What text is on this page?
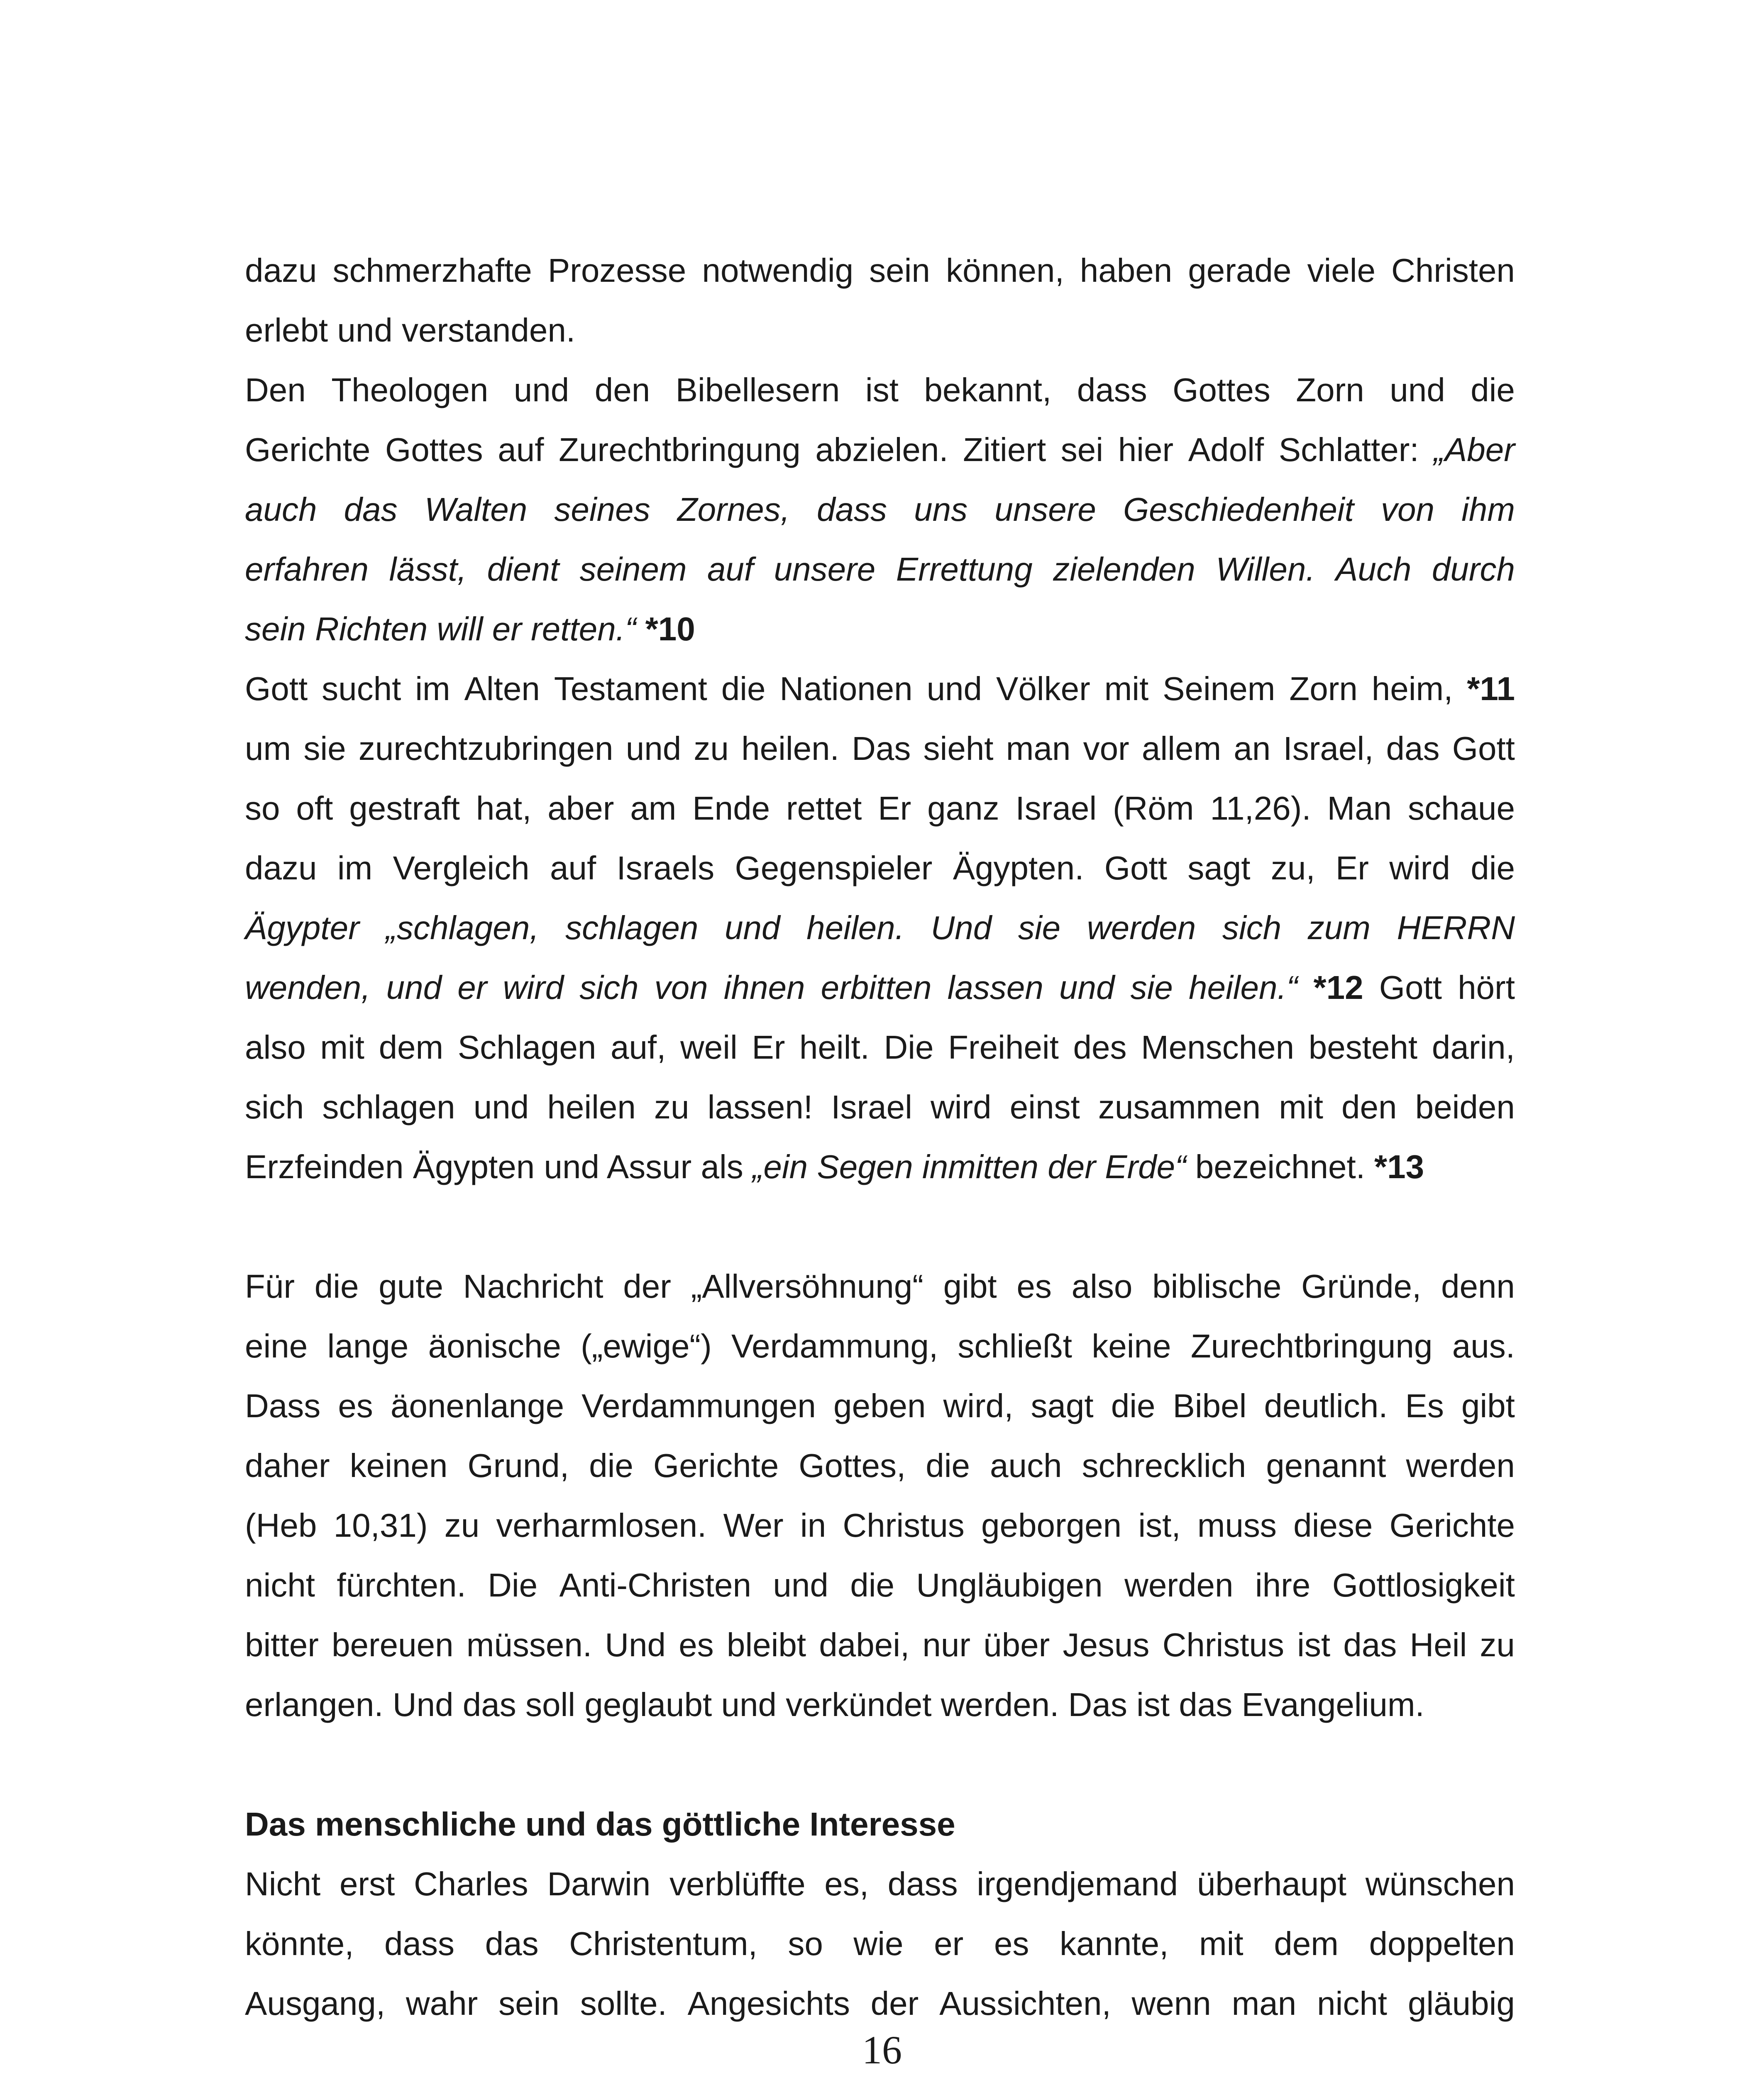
dazu schmerzhafte Prozesse notwendig sein können, haben gerade viele Christen
erlebt und verstanden.
Den Theologen und den Bibellesern ist bekannt, dass Gottes Zorn und die
Gerichte Gottes auf Zurechtbringung abzielen. Zitiert sei hier Adolf Schlatter: „Aber
auch das Walten seines Zornes, dass uns unsere Geschiedenheit von ihm
erfahren lässt, dient seinem auf unsere Errettung zielenden Willen. Auch durch
sein Richten will er retten.“ *10
Gott sucht im Alten Testament die Nationen und Völker mit Seinem Zorn heim, *11
um sie zurechtzubringen und zu heilen. Das sieht man vor allem an Israel, das Gott
so oft gestraft hat, aber am Ende rettet Er ganz Israel (Röm 11,26). Man schaue
dazu im Vergleich auf Israels Gegenspieler Ägypten. Gott sagt zu, Er wird die
Ägypter „schlagen, schlagen und heilen. Und sie werden sich zum HERRN
wenden, und er wird sich von ihnen erbitten lassen und sie heilen.“ *12 Gott hört
also mit dem Schlagen auf, weil Er heilt. Die Freiheit des Menschen besteht darin,
sich schlagen und heilen zu lassen! Israel wird einst zusammen mit den beiden
Erzfeinden Ägypten und Assur als „ein Segen inmitten der Erde“ bezeichnet. *13
Für die gute Nachricht der „Allversöhnung“ gibt es also biblische Gründe, denn
eine lange äonische („ewige“) Verdammung, schließt keine Zurechtbringung aus.
Dass es äonenlange Verdammungen geben wird, sagt die Bibel deutlich. Es gibt
daher keinen Grund, die Gerichte Gottes, die auch schrecklich genannt werden
(Heb 10,31) zu verharmlosen. Wer in Christus geborgen ist, muss diese Gerichte
nicht fürchten. Die Anti-Christen und die Ungläubigen werden ihre Gottlosigkeit
bitter bereuen müssen. Und es bleibt dabei, nur über Jesus Christus ist das Heil zu
erlangen. Und das soll geglaubt und verkündet werden. Das ist das Evangelium.
Das menschliche und das göttliche Interesse
Nicht erst Charles Darwin verblüffte es, dass irgendjemand überhaupt wünschen
könnte, dass das Christentum, so wie er es kannte, mit dem doppelten
Ausgang, wahr sein sollte. Angesichts der Aussichten, wenn man nicht gläubig
16
